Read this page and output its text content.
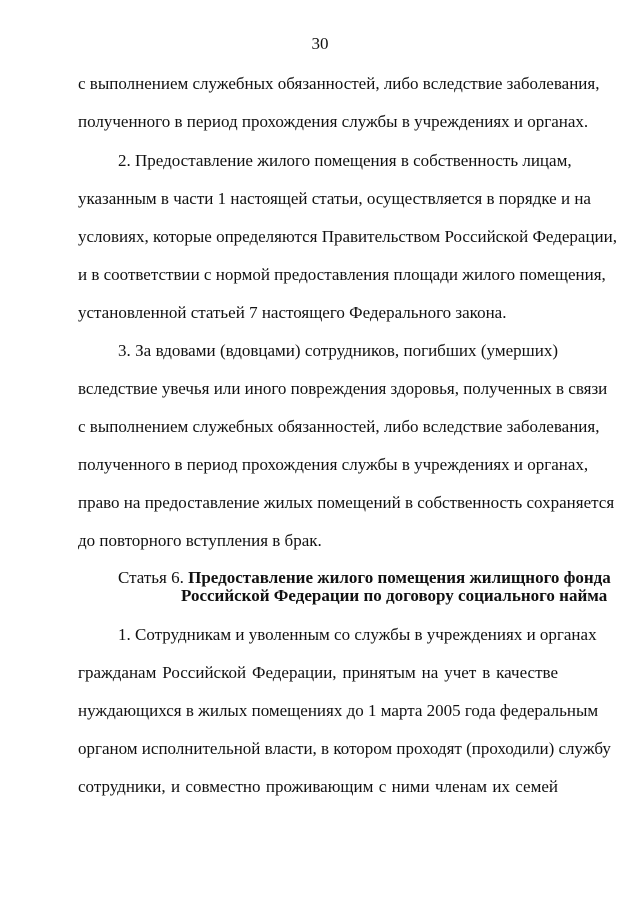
30
с выполнением служебных обязанностей, либо вследствие заболевания,
полученного в период прохождения службы в учреждениях и органах.
2. Предоставление жилого помещения в собственность лицам,
указанным в части 1 настоящей статьи, осуществляется в порядке и на
условиях, которые определяются Правительством Российской Федерации,
и в соответствии с нормой предоставления площади жилого помещения,
установленной статьей 7 настоящего Федерального закона.
3. За вдовами (вдовцами) сотрудников, погибших (умерших)
вследствие увечья или иного повреждения здоровья, полученных в связи
с выполнением служебных обязанностей, либо вследствие заболевания,
полученного в период прохождения службы в учреждениях и органах,
право на предоставление жилых помещений в собственность сохраняется
до повторного вступления в брак.
Статья 6. Предоставление жилого помещения жилищного фонда
Российской Федерации по договору социального найма
1. Сотрудникам и уволенным со службы в учреждениях и органах
гражданам Российской Федерации, принятым на учет в качестве
нуждающихся в жилых помещениях до 1 марта 2005 года федеральным
органом исполнительной власти, в котором проходят (проходили) службу
сотрудники, и совместно проживающим с ними членам их семей
